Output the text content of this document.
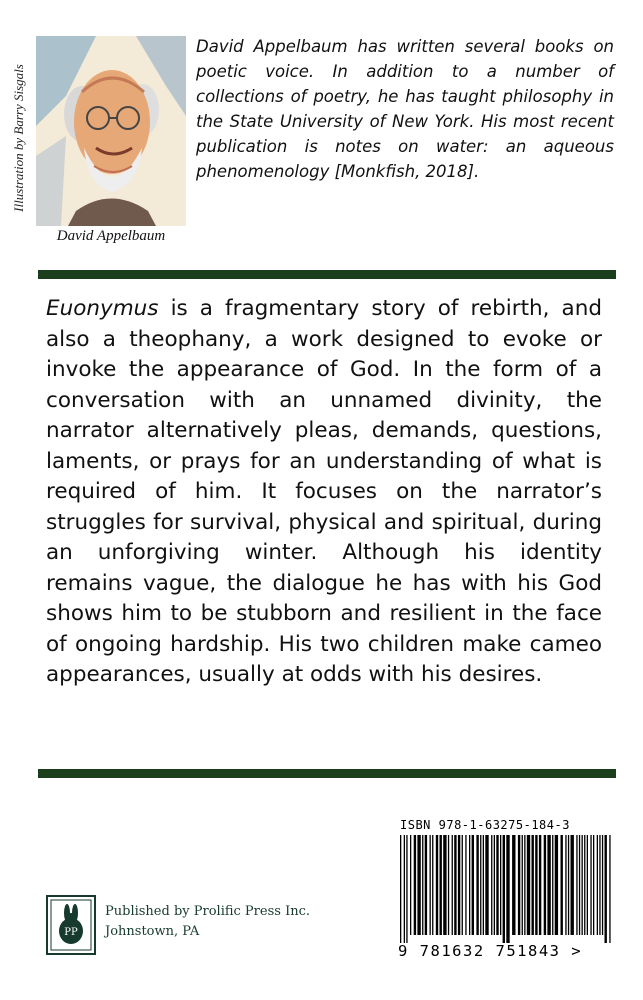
Illustration by Barry Sisgals
David Appelbaum

David Appelbaum has written several books on poetic voice. In addition to a number of collections of poetry, he has taught philosophy in the State University of New York. His most recent publication is notes on water: an aqueous phenomenology [Monkfish, 2018].

Euonymus is a fragmentary story of rebirth, and also a theophany, a work designed to evoke or invoke the appearance of God. In the form of a conversation with an unnamed divinity, the narrator alternatively pleas, demands, questions, laments, or prays for an understanding of what is required of him. It focuses on the narrator’s struggles for survival, physical and spiritual, during an unforgiving winter. Although his identity remains vague, the dialogue he has with his God shows him to be stubborn and resilient in the face of ongoing hardship. His two children make cameo appearances, usually at odds with his desires.

ISBN 978-1-63275-184-3
9 781632 751843 >
PP
Published by Prolific Press Inc.
Johnstown, PA
